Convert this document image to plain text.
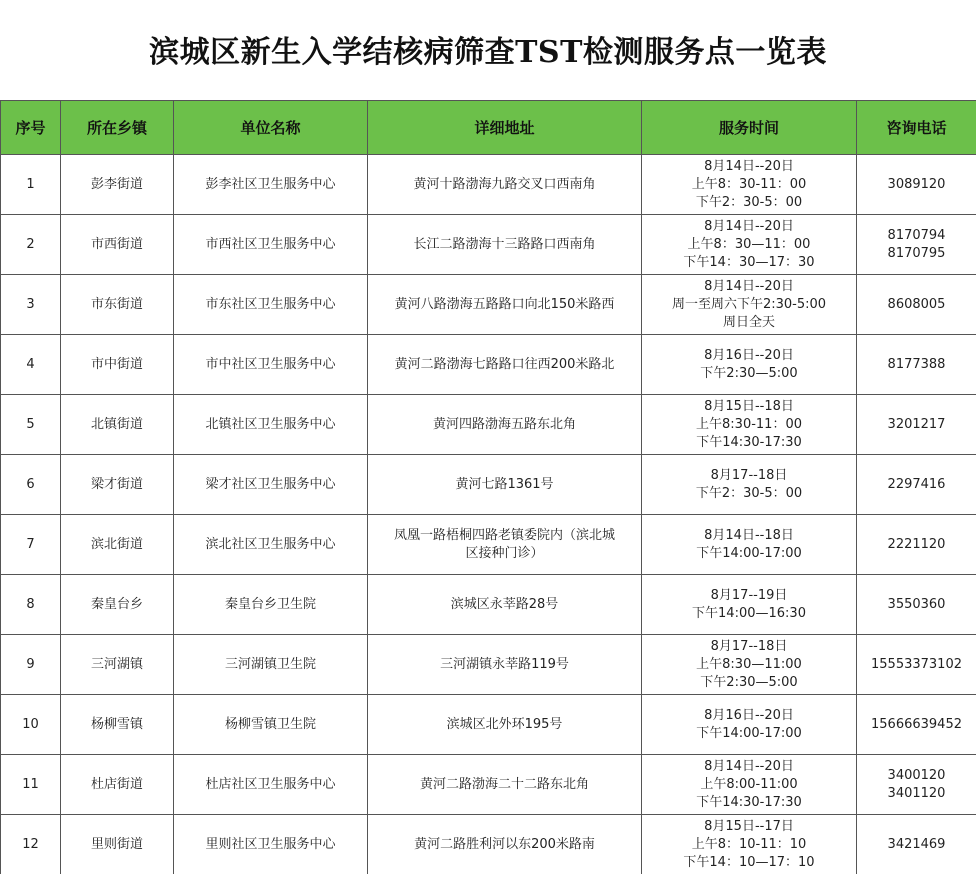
滨城区新生入学结核病筛查TST检测服务点一览表
序号	所在乡镇	单位名称	详细地址	服务时间	咨询电话
1	彭李街道	彭李社区卫生服务中心	黄河十路渤海九路交叉口西南角	8月14日--20日
上午8：30-11：00
下午2：30-5：00	3089120

2	市西街道	市西社区卫生服务中心	长江二路渤海十三路路口西南角	8月14日--20日
上午8：30—11：00
下午14：30—17：30	8170794
8170795

3	市东街道	市东社区卫生服务中心	黄河八路渤海五路路口向北150米路西	8月14日--20日
周一至周六下午2:30-5:00
周日全天	8608005

4	市中街道	市中社区卫生服务中心	黄河二路渤海七路路口往西200米路北	8月16日--20日
下午2:30—5:00	8177388

5	北镇街道	北镇社区卫生服务中心	黄河四路渤海五路东北角	8月15日--18日
上午8:30-11：00
下午14:30-17:30	3201217

6	梁才街道	梁才社区卫生服务中心	黄河七路1361号	8月17--18日
下午2：30-5：00	2297416

7	滨北街道	滨北社区卫生服务中心	凤凰一路梧桐四路老镇委院内（滨北城
区接种门诊）	8月14日--18日
下午14:00-17:00	2221120

8	秦皇台乡	秦皇台乡卫生院	滨城区永莘路28号	8月17--19日
下午14:00—16:30	3550360

9	三河湖镇	三河湖镇卫生院	三河湖镇永莘路119号	8月17--18日
上午8:30—11:00
下午2:30—5:00	15553373102

10	杨柳雪镇	杨柳雪镇卫生院	滨城区北外环195号	8月16日--20日
下午14:00-17:00	15666639452

11	杜店街道	杜店社区卫生服务中心	黄河二路渤海二十二路东北角	8月14日--20日
上午8:00-11:00
下午14:30-17:30	3400120
3401120

12	里则街道	里则社区卫生服务中心	黄河二路胜利河以东200米路南	8月15日--17日
上午8：10-11：10
下午14：10—17：10	3421469
